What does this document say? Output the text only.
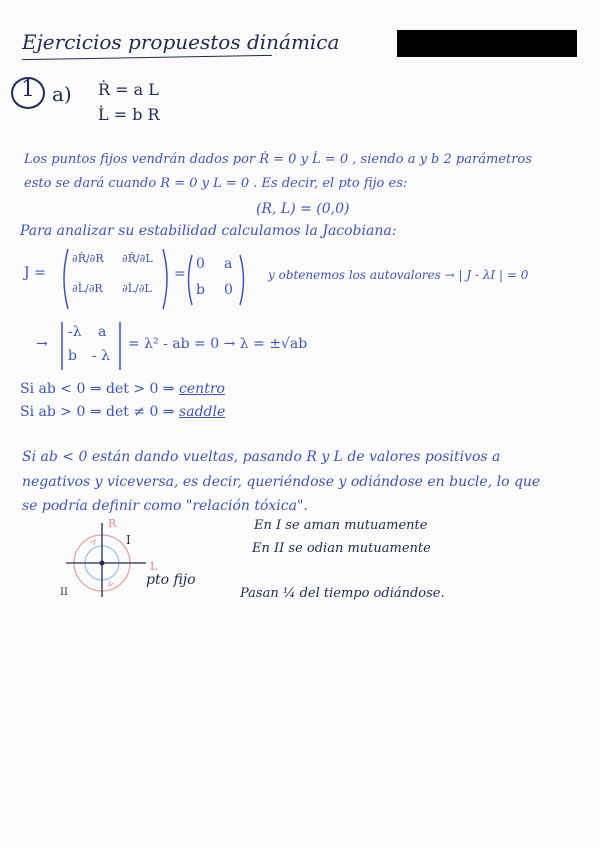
Ejercicios propuestos dinámica
1 a) Ṙ = a L
L̇ = b R
Los puntos fijos vendrán dados por Ṙ = 0 y L̇ = 0 , siendo a y b 2 parámetros
esto se dará cuando R = 0 y L = 0 . Es decir, el pto fijo es:
(R, L) = (0,0)
Para analizar su estabilidad calculamos la Jacobiana:
J =
∂Ṙ/∂R ∂Ṙ/∂L
∂L̇/∂R ∂L̇/∂L
=
0 a
b 0
y obtenemos los autovalores → | J - λI | = 0
→
-λ a
b - λ
= λ² - ab = 0 → λ = ±√ab
Si ab < 0 ⇒ det > 0 ⇒ centro
Si ab > 0 ⇒ det ≠ 0 ⇒ saddle
Si ab < 0 están dando vueltas, pasando R y L de valores positivos a
negativos y viceversa, es decir, queriéndose y odiándose en bucle, lo que
se podría definir como "relación tóxica".
R
L
I
II
pto fijo
En I se aman mutuamente
En II se odian mutuamente
Pasan ¼ del tiempo odiándose.
